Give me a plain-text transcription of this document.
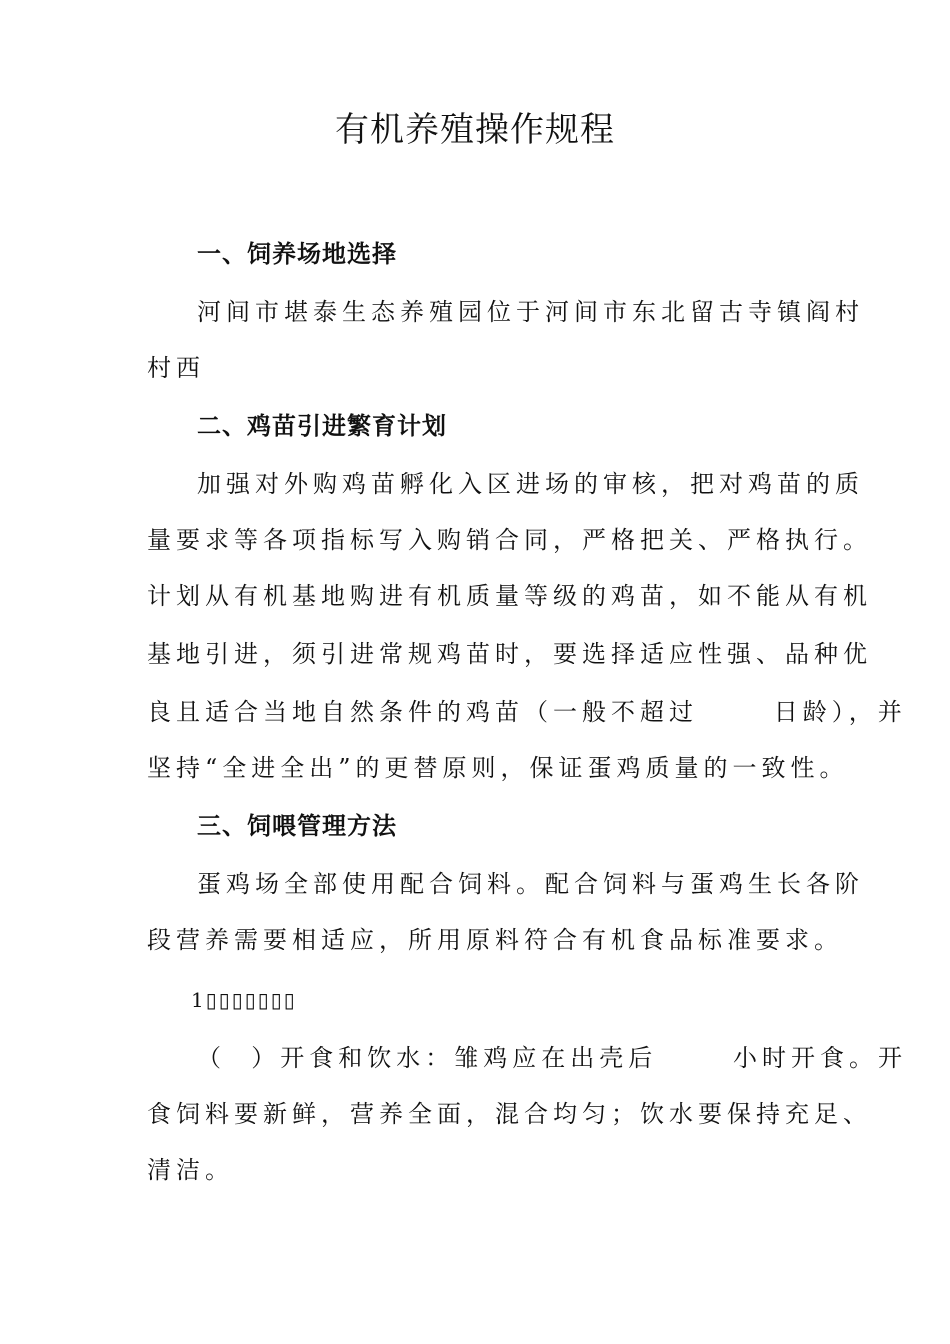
有机养殖操作规程
一、饲养场地选择
河间市堪泰生态养殖园位于河间市东北留古寺镇阎村
村西
二、鸡苗引进繁育计划
加强对外购鸡苗孵化入区进场的审核，把对鸡苗的质
量要求等各项指标写入购销合同，严格把关、严格执行。
计划从有机基地购进有机质量等级的鸡苗，如不能从有机
基地引进，须引进常规鸡苗时，要选择适应性强、品种优
良且适合当地自然条件的鸡苗（一般不超过      日龄），并
坚持“全进全出”的更替原则，保证蛋鸡质量的一致性。
三、饲喂管理方法
蛋鸡场全部使用配合饲料。配合饲料与蛋鸡生长各阶
段营养需要相适应，所用原料符合有机食品标准要求。
1▯▯▯▯▯▯▯
（  ）开食和饮水：雏鸡应在出壳后      小时开食。开
食饲料要新鲜，营养全面，混合均匀；饮水要保持充足、
清洁。
